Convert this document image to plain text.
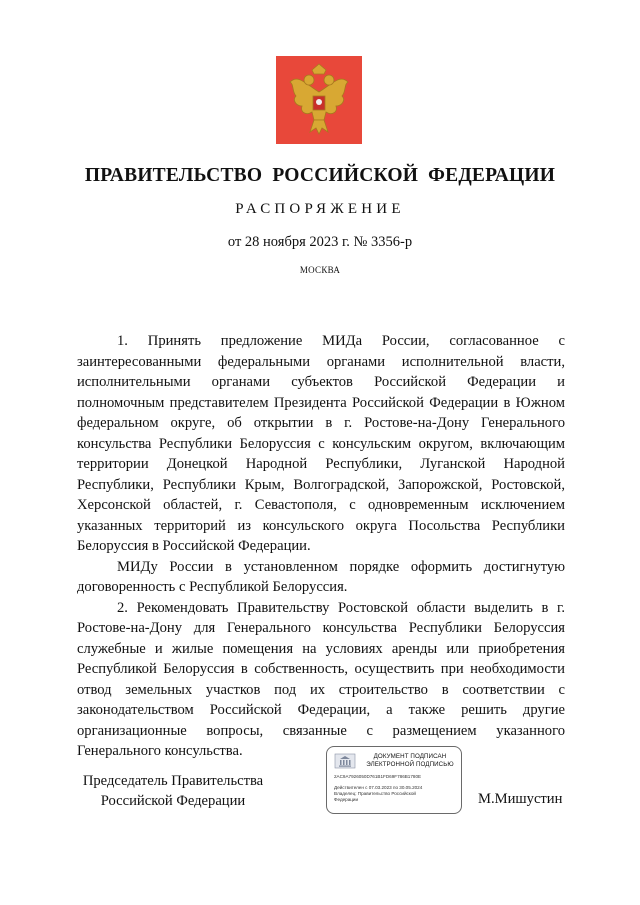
ПРАВИТЕЛЬСТВО РОССИЙСКОЙ ФЕДЕРАЦИИ
РАСПОРЯЖЕНИЕ
от 28 ноября 2023 г. № 3356-р
МОСКВА

1. Принять предложение МИДа России, согласованное с заинтересованными федеральными органами исполнительной власти, исполнительными органами субъектов Российской Федерации и полномочным представителем Президента Российской Федерации в Южном федеральном округе, об открытии в г. Ростове-на-Дону Генерального консульства Республики Белоруссия с консульским округом, включающим территории Донецкой Народной Республики, Луганской Народной Республики, Республики Крым, Волгоградской, Запорожской, Ростовской, Херсонской областей, г. Севастополя, с одновременным исключением указанных территорий из консульского округа Посольства Республики Белоруссия в Российской Федерации.

МИДу России в установленном порядке оформить достигнутую договоренность с Республикой Белоруссия.

2. Рекомендовать Правительству Ростовской области выделить в г. Ростове-на-Дону для Генерального консульства Республики Белоруссия служебные и жилые помещения на условиях аренды или приобретения Республикой Белоруссия в собственность, осуществить при необходимости отвод земельных участков под их строительство в соответствии с законодательством Российской Федерации, а также решить другие организационные вопросы, связанные с размещением указанного Генерального консульства.

Председатель Правительства
Российской Федерации
ДОКУМЕНТ ПОДПИСАН
ЭЛЕКТРОННОЙ ПОДПИСЬЮ
2AC9A7926050D761B1FD69F786B1780E
Действителен с 07.03.2023 по 30.05.2024
Владелец: Правительство Российской
Федерации	М.Мишустин
